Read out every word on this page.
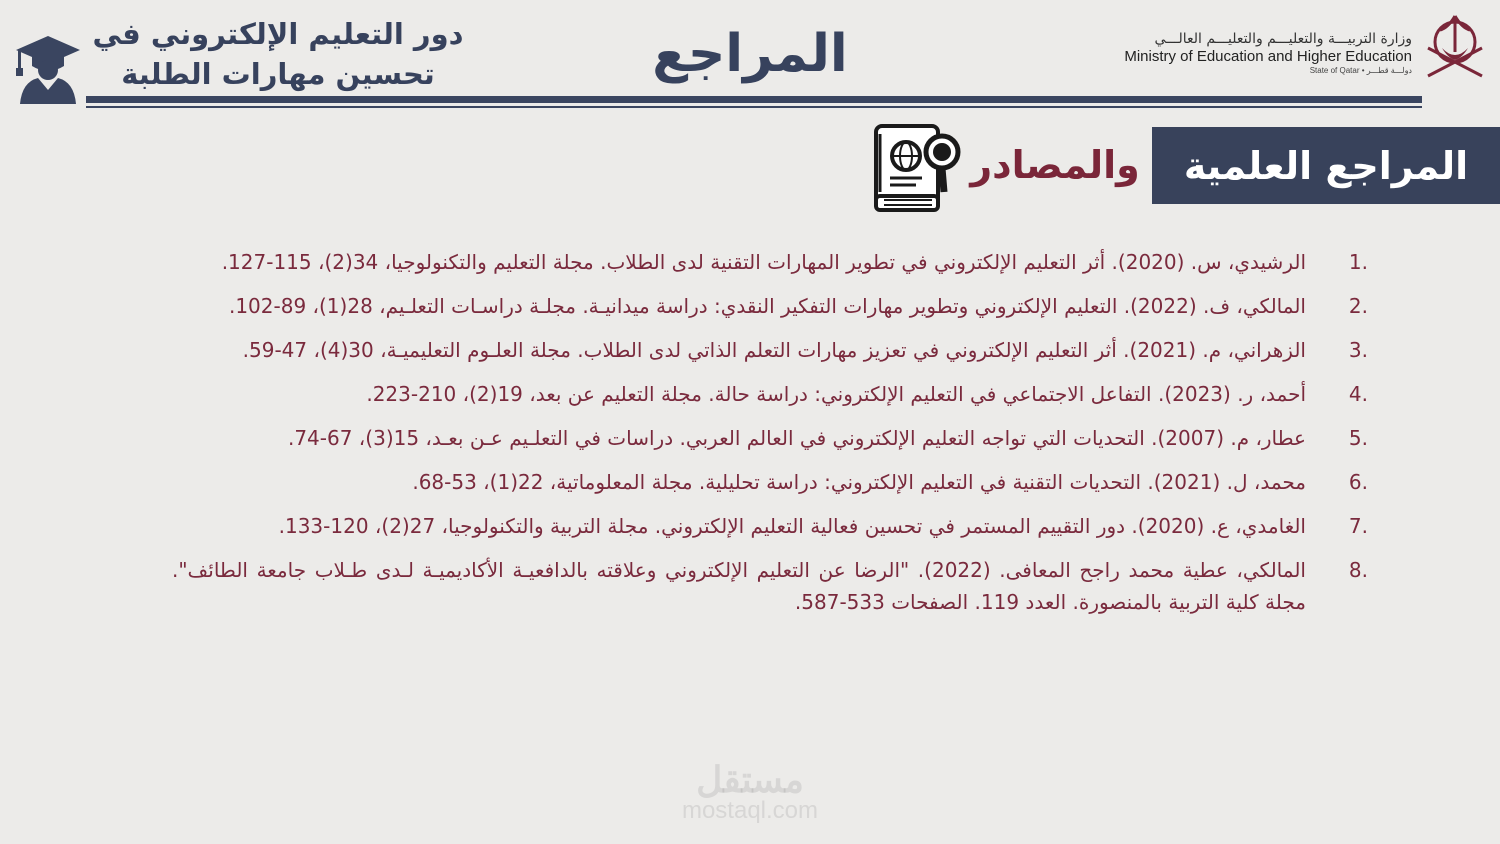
دور التعليم الإلكتروني في
تحسين مهارات الطلبة	المراجع	وزارة التربيـــة والتعليـــم والتعليـــم العالـــي
Ministry of Education and Higher Education
State of Qatar • دولـــة قطـــر
المراجع العلمية
والمصادر
1.
الرشيدي، س. (2020). أثر التعليم الإلكتروني في تطوير المهارات التقنية لدى الطلاب. مجلة التعليم والتكنولوجيا، 34(2)، 115-127.
2.
المالكي، ف. (2022). التعليم الإلكتروني وتطوير مهارات التفكير النقدي: دراسة ميدانيـة. مجلـة دراسـات التعلـيم، 28(1)، 89-102.
3.
الزهراني، م. (2021). أثر التعليم الإلكتروني في تعزيز مهارات التعلم الذاتي لدى الطلاب. مجلة العلـوم التعليميـة، 30(4)، 47-59.
4.
أحمد، ر. (2023). التفاعل الاجتماعي في التعليم الإلكتروني: دراسة حالة. مجلة التعليم عن بعد، 19(2)، 210-223.
5.
عطار، م. (2007). التحديات التي تواجه التعليم الإلكتروني في العالم العربي. دراسات في التعلـيم عـن بعـد، 15(3)، 67-74.
6.
محمد، ل. (2021). التحديات التقنية في التعليم الإلكتروني: دراسة تحليلية. مجلة المعلوماتية، 22(1)، 53-68.
7.
الغامدي، ع. (2020). دور التقييم المستمر في تحسين فعالية التعليم الإلكتروني. مجلة التربية والتكنولوجيا، 27(2)، 120-133.
8.
المالكي، عطية محمد راجح المعافى. (2022). "الرضا عن التعليم الإلكتروني وعلاقته بالدافعيـة الأكاديميـة لـدى طـلاب جامعة الطائف". مجلة كلية التربية بالمنصورة. العدد 119. الصفحات 533-587.
مستقل
mostaql.com
